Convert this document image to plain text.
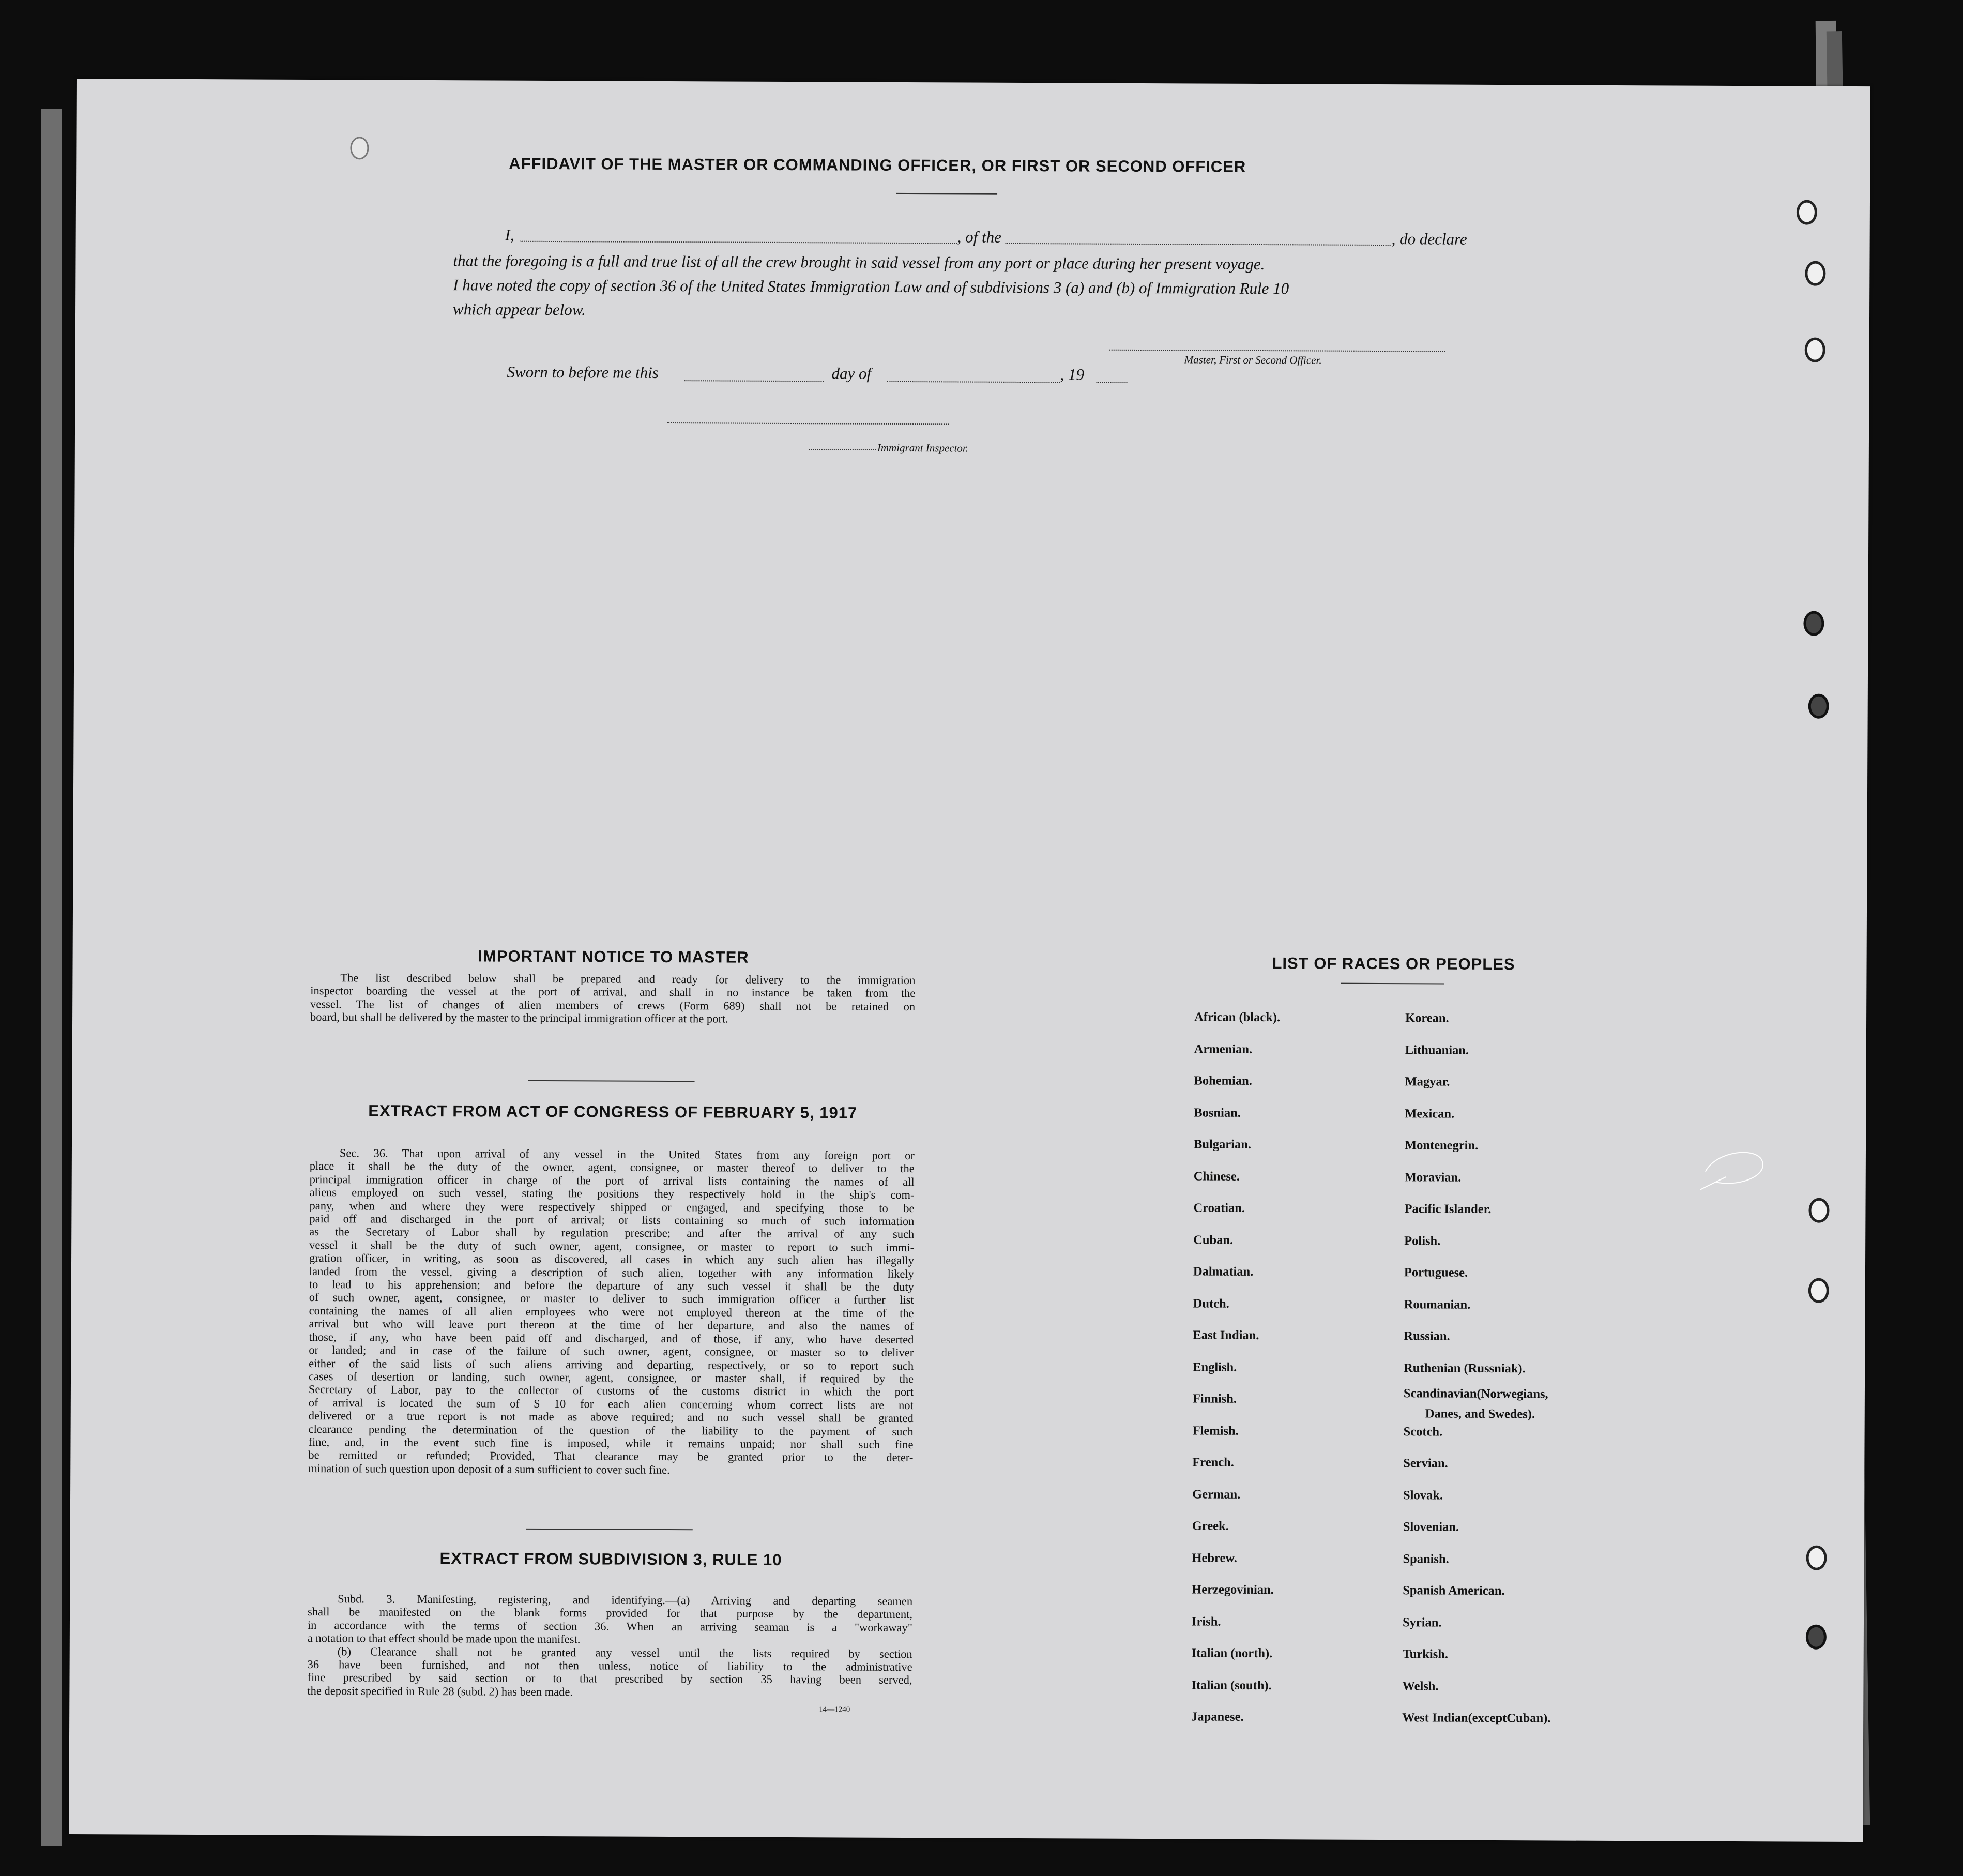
AFFIDAVIT OF THE MASTER OR COMMANDING OFFICER, OR FIRST OR SECOND OFFICER
I,	, of the	, do declare
that the foregoing is a full and true list of all the crew brought in said vessel from any port or place during her present voyage.
I have noted the copy of section 36 of the United States Immigration Law and of subdivisions 3 (a) and (b) of Immigration Rule 10
which appear below.
Master, First or Second Officer.
Sworn to before me this	day of	, 19
Immigrant Inspector.
IMPORTANT NOTICE TO MASTER
The list described below shall be prepared and ready for delivery to the immigration
inspector boarding the vessel at the port of arrival, and shall in no instance be taken from the
vessel. The list of changes of alien members of crews (Form 689) shall not be retained on
board, but shall be delivered by the master to the principal immigration officer at the port.
EXTRACT FROM ACT OF CONGRESS OF FEBRUARY 5, 1917
Sec. 36. That upon arrival of any vessel in the United States from any foreign port or
place it shall be the duty of the owner, agent, consignee, or master thereof to deliver to the
principal immigration officer in charge of the port of arrival lists containing the names of all
aliens employed on such vessel, stating the positions they respectively hold in the ship's com-
pany, when and where they were respectively shipped or engaged, and specifying those to be
paid off and discharged in the port of arrival; or lists containing so much of such information
as the Secretary of Labor shall by regulation prescribe; and after the arrival of any such
vessel it shall be the duty of such owner, agent, consignee, or master to report to such immi-
gration officer, in writing, as soon as discovered, all cases in which any such alien has illegally
landed from the vessel, giving a description of such alien, together with any information likely
to lead to his apprehension; and before the departure of any such vessel it shall be the duty
of such owner, agent, consignee, or master to deliver to such immigration officer a further list
containing the names of all alien employees who were not employed thereon at the time of the
arrival but who will leave port thereon at the time of her departure, and also the names of
those, if any, who have been paid off and discharged, and of those, if any, who have deserted
or landed; and in case of the failure of such owner, agent, consignee, or master so to deliver
either of the said lists of such aliens arriving and departing, respectively, or so to report such
cases of desertion or landing, such owner, agent, consignee, or master shall, if required by the
Secretary of Labor, pay to the collector of customs of the customs district in which the port
of arrival is located the sum of $ 10 for each alien concerning whom correct lists are not
delivered or a true report is not made as above required; and no such vessel shall be granted
clearance pending the determination of the question of the liability to the payment of such
fine, and, in the event such fine is imposed, while it remains unpaid; nor shall such fine
be remitted or refunded; Provided, That clearance may be granted prior to the deter-
mination of such question upon deposit of a sum sufficient to cover such fine.
EXTRACT FROM SUBDIVISION 3, RULE 10
Subd. 3. Manifesting, registering, and identifying.—(a) Arriving and departing seamen
shall be manifested on the blank forms provided for that purpose by the department,
in accordance with the terms of section 36. When an arriving seaman is a "workaway"
a notation to that effect should be made upon the manifest.
(b) Clearance shall not be granted any vessel until the lists required by section
36 have been furnished, and not then unless, notice of liability to the administrative
fine prescribed by said section or to that prescribed by section 35 having been served,
the deposit specified in Rule 28 (subd. 2) has been made.
14—1240
LIST OF RACES OR PEOPLES
African (black).
Armenian.
Bohemian.
Bosnian.
Bulgarian.
Chinese.
Croatian.
Cuban.
Dalmatian.
Dutch.
East Indian.
English.
Finnish.
Flemish.
French.
German.
Greek.
Hebrew.
Herzegovinian.
Irish.
Italian (north).
Italian (south).
Japanese.
Korean.
Lithuanian.
Magyar.
Mexican.
Montenegrin.
Moravian.
Pacific Islander.
Polish.
Portuguese.
Roumanian.
Russian.
Ruthenian (Russniak).
Scandinavian(Norwegians,
Danes, and Swedes).
Scotch.
Servian.
Slovak.
Slovenian.
Spanish.
Spanish American.
Syrian.
Turkish.
Welsh.
West Indian(exceptCuban).
